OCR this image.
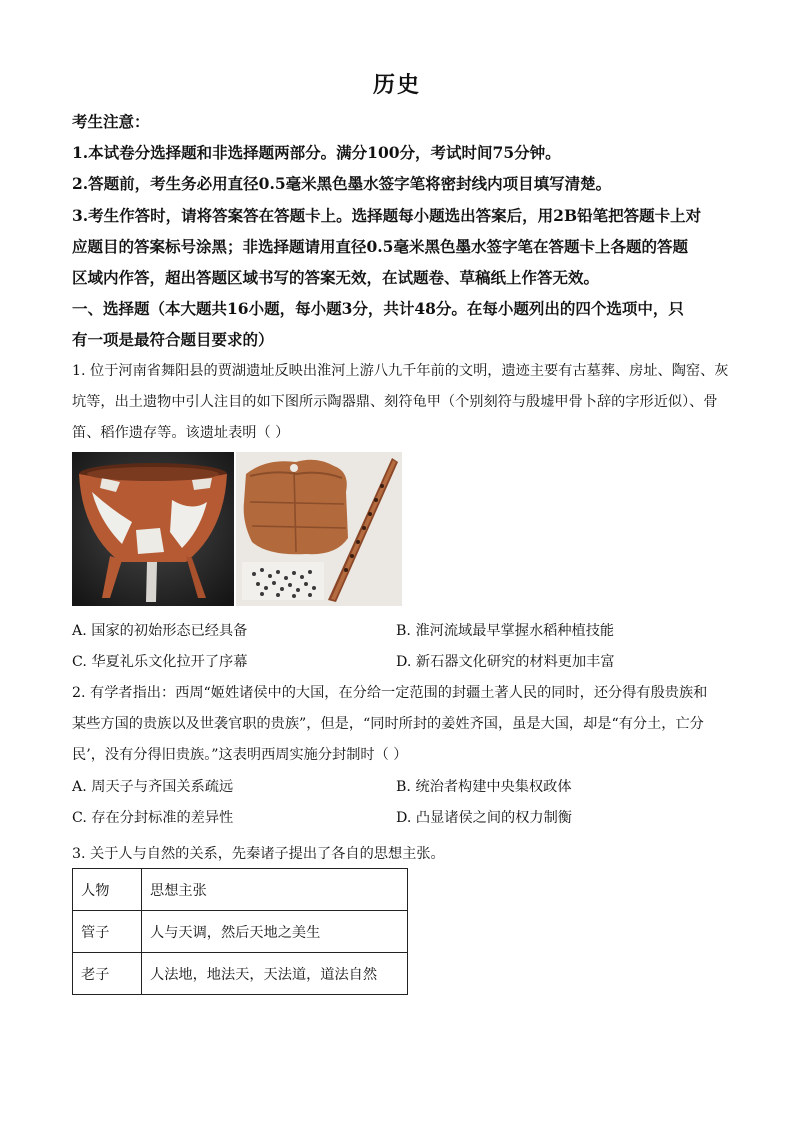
历史
考生注意：
1.本试卷分选择题和非选择题两部分。满分100分，考试时间75分钟。
2.答题前，考生务必用直径0.5毫米黑色墨水签字笔将密封线内项目填写清楚。
3.考生作答时，请将答案答在答题卡上。选择题每小题选出答案后，用2B铅笔把答题卡上对
应题目的答案标号涂黑；非选择题请用直径0.5毫米黑色墨水签字笔在答题卡上各题的答题
区域内作答，超出答题区域书写的答案无效，在试题卷、草稿纸上作答无效。
一、选择题（本大题共16小题，每小题3分，共计48分。在每小题列出的四个选项中，只
有一项是最符合题目要求的）
1. 位于河南省舞阳县的贾湖遗址反映出淮河上游八九千年前的文明，遗迹主要有古墓葬、房址、陶窑、灰
坑等，出土遗物中引人注目的如下图所示陶器鼎、刻符龟甲（个别刻符与殷墟甲骨卜辞的字形近似）、骨
笛、稻作遗存等。该遗址表明（ ）
A. 国家的初始形态已经具备	B. 淮河流域最早掌握水稻种植技能
C. 华夏礼乐文化拉开了序幕	D. 新石器文化研究的材料更加丰富
2. 有学者指出：西周“姬姓诸侯中的大国，在分给一定范围的封疆土著人民的同时，还分得有殷贵族和
某些方国的贵族以及世袭官职的贵族”，但是，“同时所封的姜姓齐国，虽是大国，却是“有分土，亡分
民’，没有分得旧贵族。”这表明西周实施分封制时（ ）
A. 周天子与齐国关系疏远	B. 统治者构建中央集权政体
C. 存在分封标准的差异性	D. 凸显诸侯之间的权力制衡
3. 关于人与自然的关系，先秦诸子提出了各自的思想主张。
人物	思想主张
管子	人与天调，然后天地之美生
老子	人法地，地法天，天法道，道法自然
